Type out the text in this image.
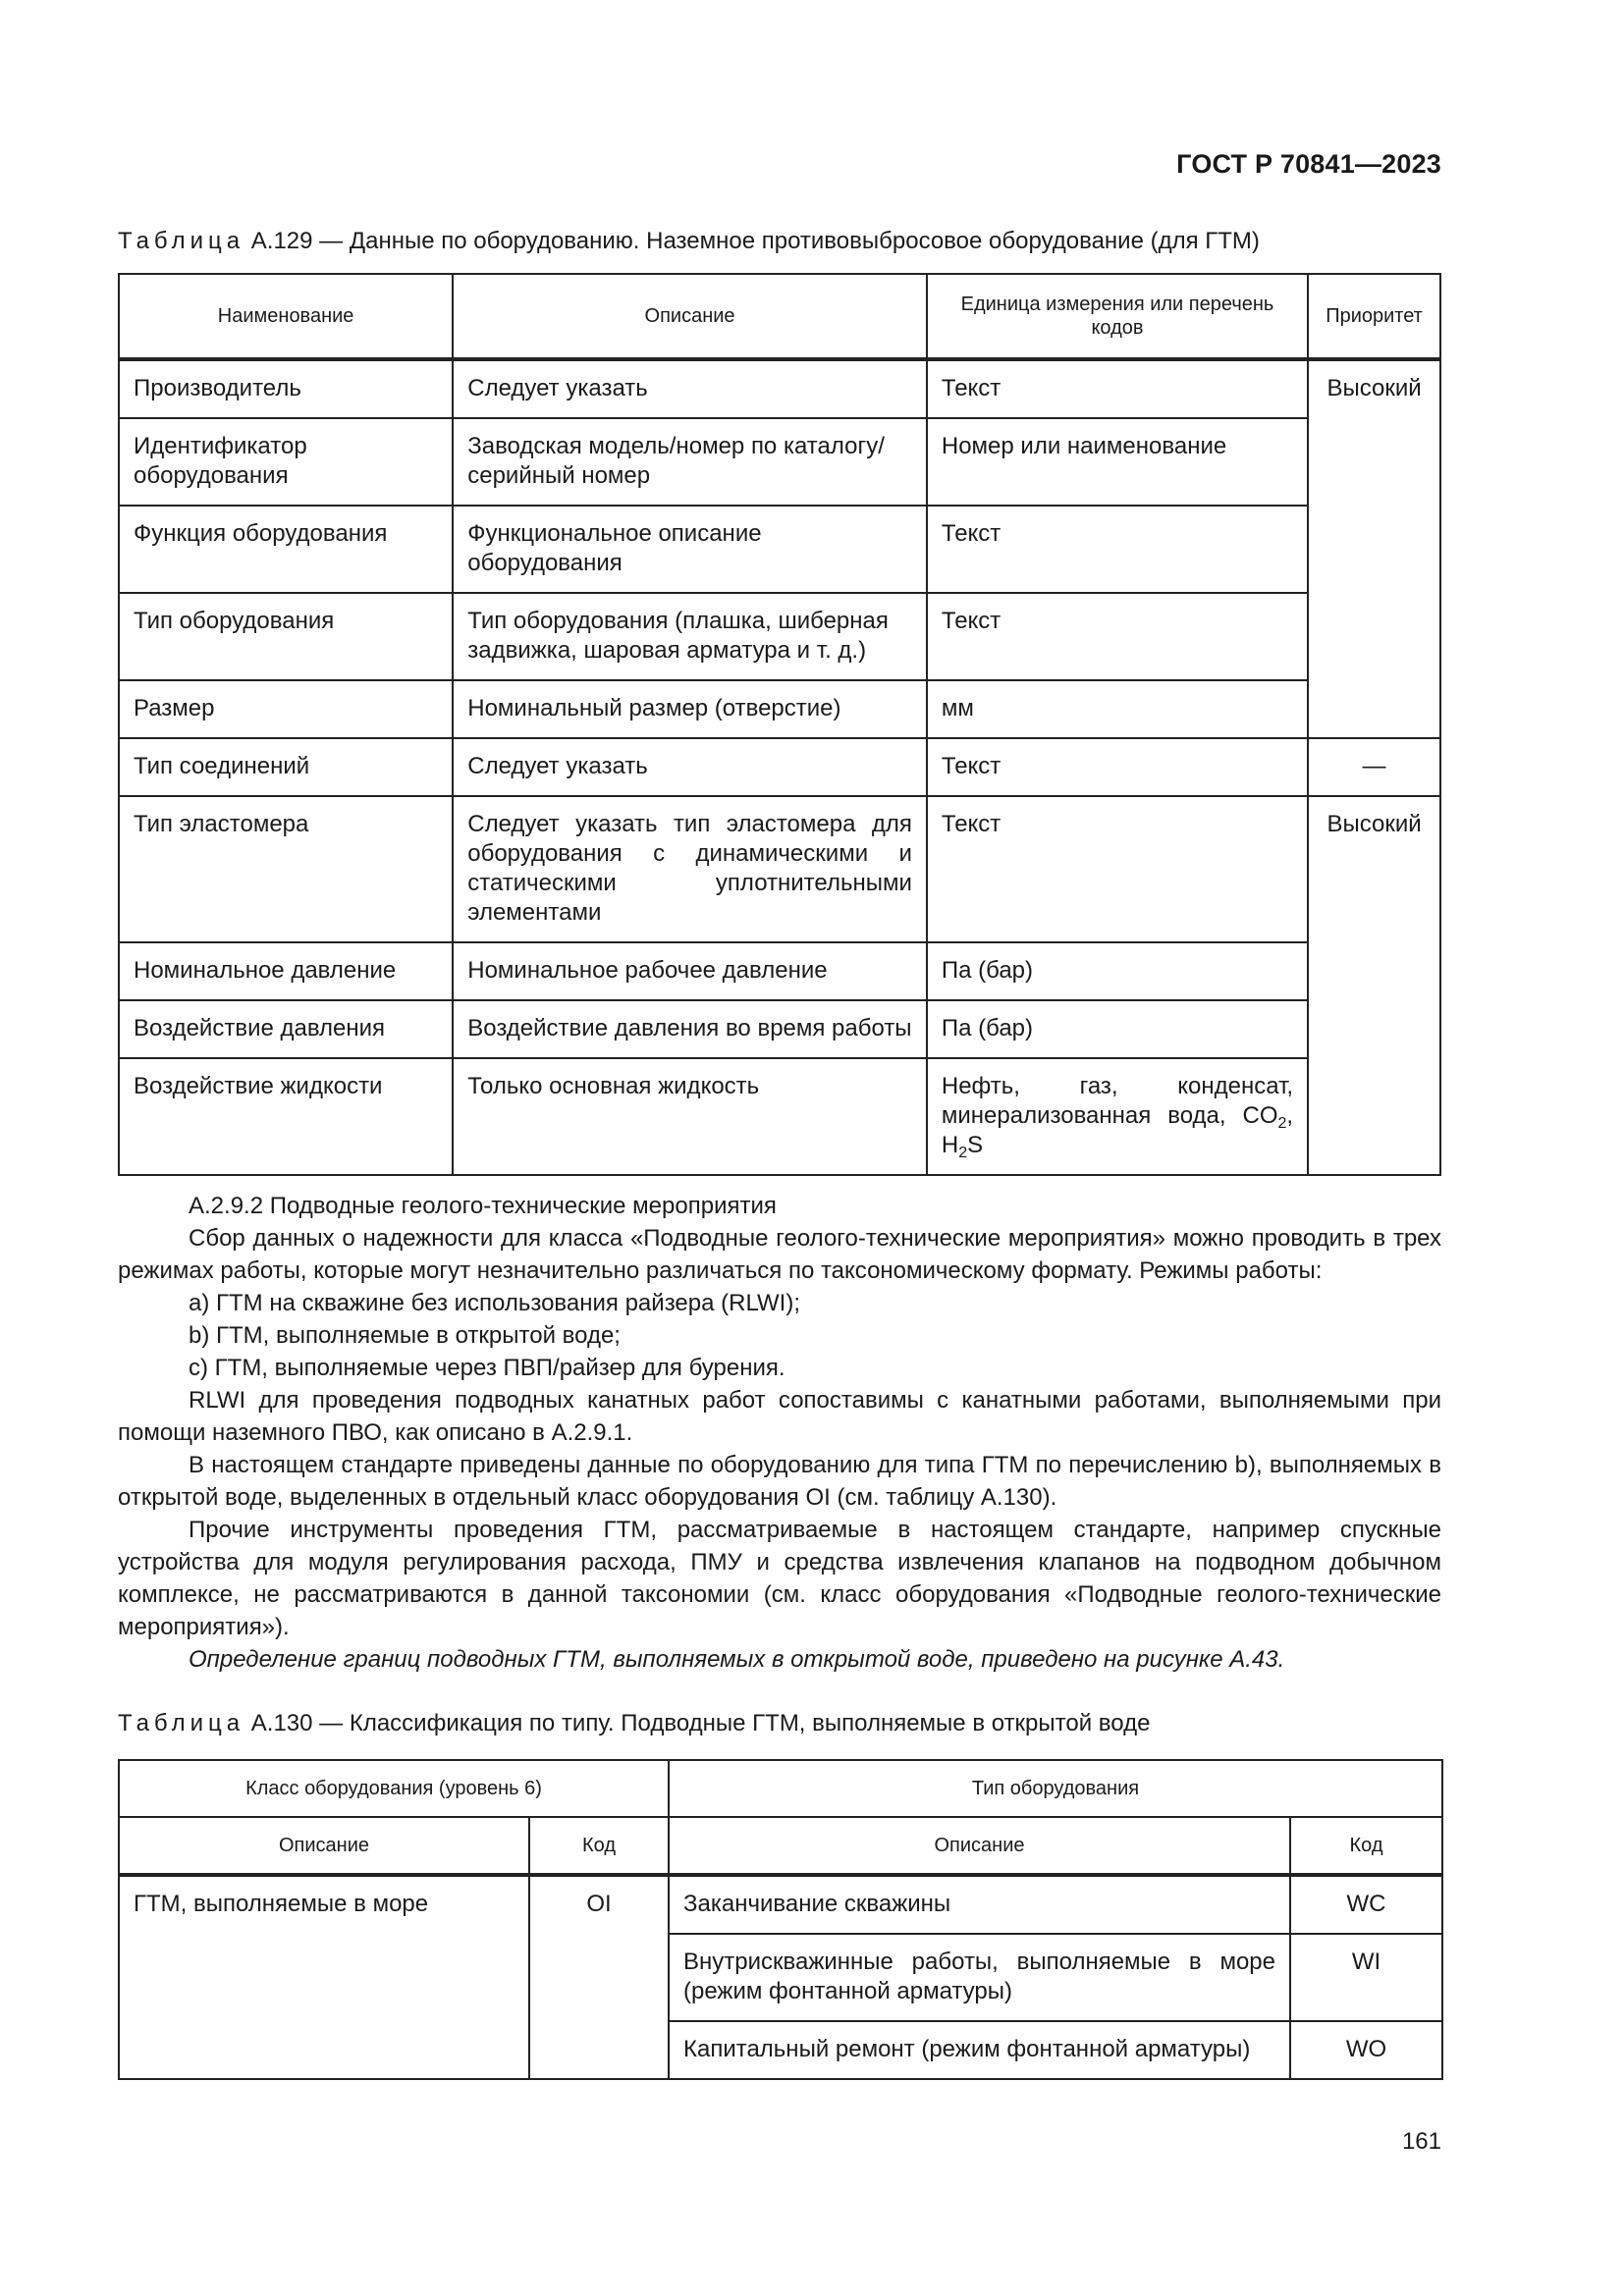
ГОСТ Р 70841—2023
Таблица А.129 — Данные по оборудованию. Наземное противовыбросовое оборудование (для ГТМ)
Наименование	Описание	Единица измерения или перечень кодов	Приоритет
Производитель	Следует указать	Текст	Высокий
Идентификатор оборудования	Заводская модель/номер по каталогу/серийный номер	Номер или наименование	
Функция оборудования	Функциональное описание оборудования	Текст	
Тип оборудования	Тип оборудования (плашка, шиберная задвижка, шаровая арматура и т. д.)	Текст	
Размер	Номинальный размер (отверстие)	мм	
Тип соединений	Следует указать	Текст	—
Тип эластомера	Следует указать тип эластомера для оборудования с динамическими и статическими уплотнительными элементами	Текст	Высокий
Номинальное давление	Номинальное рабочее давление	Па (бар)	
Воздействие давления	Воздействие давления во время работы	Па (бар)	
Воздействие жидкости	Только основная жидкость	Нефть, газ, конденсат, минерализованная вода, $CO_2$, $H_2S$	

А.2.9.2 Подводные геолого-технические мероприятия

Сбор данных о надежности для класса «Подводные геолого-технические мероприятия» можно проводить в трех режимах работы, которые могут незначительно различаться по таксономическому формату. Режимы работы:

a) ГТМ на скважине без использования райзера (RLWI);

b) ГТМ, выполняемые в открытой воде;

c) ГТМ, выполняемые через ПВП/райзер для бурения.

RLWI для проведения подводных канатных работ сопоставимы с канатными работами, выполняемыми при помощи наземного ПВО, как описано в А.2.9.1.

В настоящем стандарте приведены данные по оборудованию для типа ГТМ по перечислению b), выполняемых в открытой воде, выделенных в отдельный класс оборудования OI (см. таблицу А.130).

Прочие инструменты проведения ГТМ, рассматриваемые в настоящем стандарте, например спускные устройства для модуля регулирования расхода, ПМУ и средства извлечения клапанов на подводном добычном комплексе, не рассматриваются в данной таксономии (см. класс оборудования «Подводные геолого-технические мероприятия»).

Определение границ подводных ГТМ, выполняемых в открытой воде, приведено на рисунке А.43.

Таблица А.130 — Классификация по типу. Подводные ГТМ, выполняемые в открытой воде
Класс оборудования (уровень 6)		Тип оборудования	
Описание	Код	Описание	Код
ГТМ, выполняемые в море	OI	Заканчивание скважины	WC
		Внутрискважинные работы, выполняемые в море (режим фонтанной арматуры)	WI
		Капитальный ремонт (режим фонтанной арматуры)	WO
161
